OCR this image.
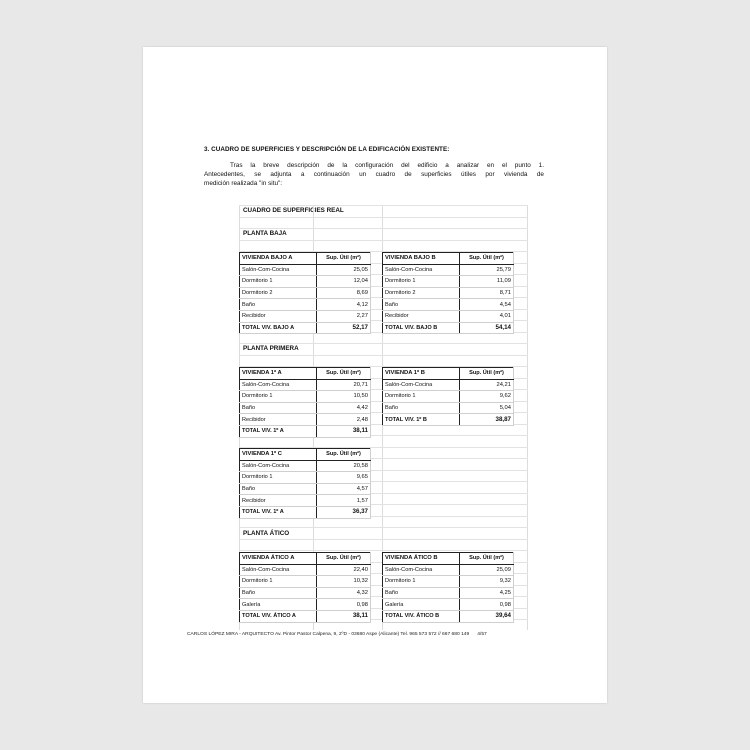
3. CUADRO DE SUPERFICIES Y DESCRIPCIÓN DE LA EDIFICACIÓN EXISTENTE:
Tras la breve descripción de la configuración del edificio a analizar en el punto 1.
Antecedentes, se adjunta a continuación un cuadro de superficies útiles por vivienda de
medición realizada "in situ":
CUADRO DE SUPERFICIES REAL
PLANTA BAJA
PLANTA PRIMERA
PLANTA ÁTICO
VIVIENDA BAJO A	Sup. Útil (m²)
Salón-Com-Cocina	25,05
Dormitorio 1	12,04
Dormitorio 2	8,69
Baño	4,12
Recibidor	2,27
TOTAL VIV. BAJO A	52,17
VIVIENDA BAJO B	Sup. Útil (m²)
Salón-Com-Cocina	25,79
Dormitorio 1	11,09
Dormitorio 2	8,71
Baño	4,54
Recibidor	4,01
TOTAL VIV. BAJO B	54,14
VIVIENDA 1º A	Sup. Útil (m²)
Salón-Com-Cocina	20,71
Dormitorio 1	10,50
Baño	4,42
Recibidor	2,48
TOTAL VIV. 1º A	38,11
VIVIENDA 1º B	Sup. Útil (m²)
Salón-Com-Cocina	24,21
Dormitorio 1	9,62
Baño	5,04
TOTAL VIV. 1º B	38,87
VIVIENDA 1º C	Sup. Útil (m²)
Salón-Com-Cocina	20,58
Dormitorio 1	9,65
Baño	4,57
Recibidor	1,57
TOTAL VIV. 1º A	36,37
VIVIENDA ÁTICO A	Sup. Útil (m²)
Salón-Com-Cocina	22,40
Dormitorio 1	10,32
Baño	4,32
Galería	0,98
TOTAL VIV. ÁTICO A	38,11
VIVIENDA ÁTICO B	Sup. Útil (m²)
Salón-Com-Cocina	25,09
Dormitorio 1	9,32
Baño	4,25
Galería	0,98
TOTAL VIV. ÁTICO B	39,64
CARLOS LÓPEZ MIRA - ARQUITECTO Av. Pintor Pastor Calpena, 9, 2ºD - 03680 Aspe (Alicante) Tel. 965 573 572 // 667 680 149 4/57
